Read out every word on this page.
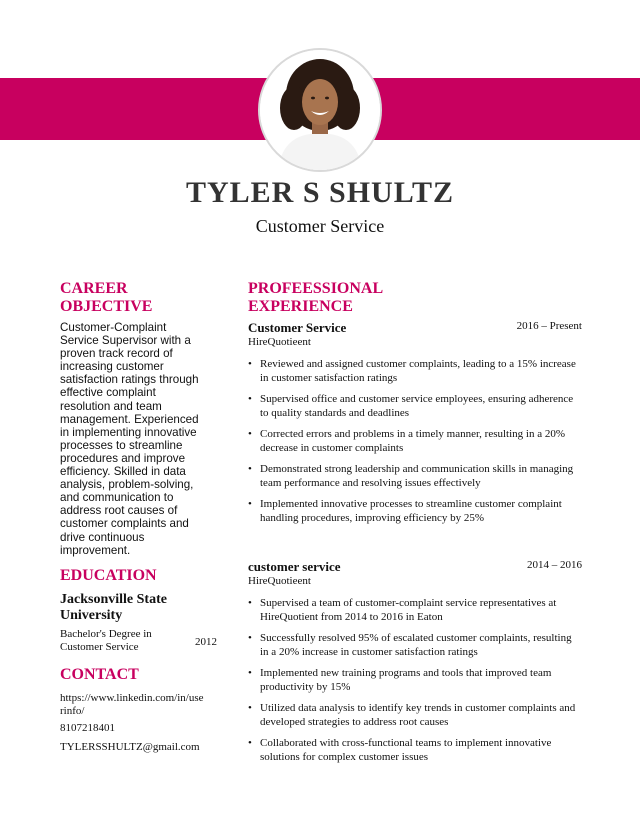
TYLER S SHULTZ
Customer Service
CAREER
OBJECTIVE
Customer-Complaint Service Supervisor with a proven track record of increasing customer satisfaction ratings through effective complaint resolution and team management. Experienced in implementing innovative processes to streamline procedures and improve efficiency. Skilled in data analysis, problem-solving, and communication to address root causes of customer complaints and drive continuous improvement.
EDUCATION
Jacksonville State University
Bachelor's Degree in Customer Service	2012
CONTACT
https://www.linkedin.com/in/userinfo/
8107218401
TYLERSSHULTZ@gmail.com
PROFEESSIONAL
EXPERIENCE
Customer Service	2016 – Present
HireQuotieent
• Reviewed and assigned customer complaints, leading to a 15% increase in customer satisfaction ratings
• Supervised office and customer service employees, ensuring adherence to quality standards and deadlines
• Corrected errors and problems in a timely manner, resulting in a 20% decrease in customer complaints
• Demonstrated strong leadership and communication skills in managing team performance and resolving issues effectively
• Implemented innovative processes to streamline customer complaint handling procedures, improving efficiency by 25%
customer service	2014 – 2016
HireQuotieent
• Supervised a team of customer-complaint service representatives at HireQuotient from 2014 to 2016 in Eaton
• Successfully resolved 95% of escalated customer complaints, resulting in a 20% increase in customer satisfaction ratings
• Implemented new training programs and tools that improved team productivity by 15%
• Utilized data analysis to identify key trends in customer complaints and developed strategies to address root causes
• Collaborated with cross-functional teams to implement innovative solutions for complex customer issues
